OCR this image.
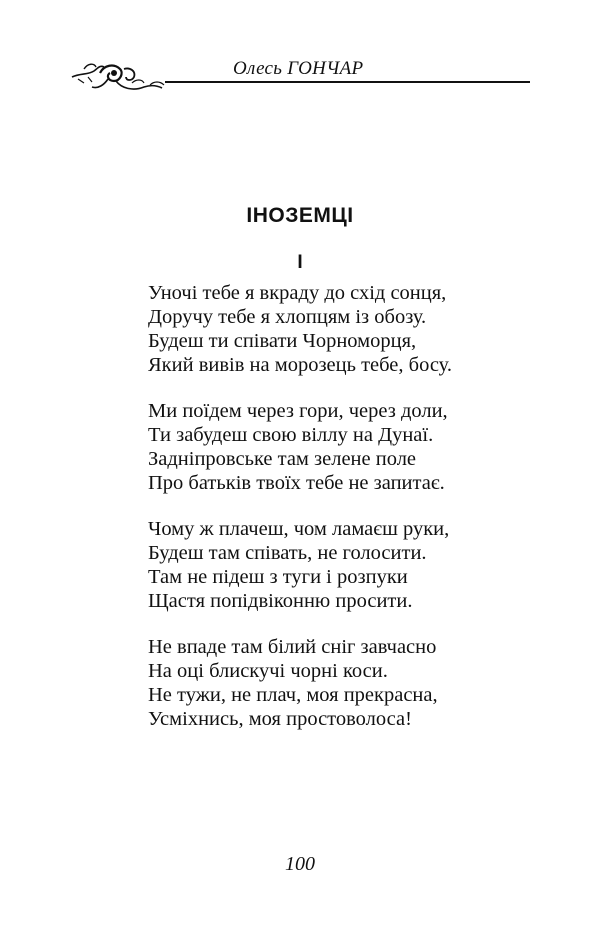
Олесь ГОНЧАР
ІНОЗЕМЦІ
І
Уночі тебе я вкраду до схід сонця,
Доручу тебе я хлопцям із обозу.
Будеш ти співати Чорноморця,
Який вивів на морозець тебе, босу.
Ми поїдем через гори, через доли,
Ти забудеш свою віллу на Дунаї.
Задніпровське там зелене поле
Про батьків твоїх тебе не запитає.
Чому ж плачеш, чом ламаєш руки,
Будеш там співать, не голосити.
Там не підеш з туги і розпуки
Щастя попідвіконню просити.
Не впаде там білий сніг завчасно
На оці блискучі чорні коси.
Не тужи, не плач, моя прекрасна,
Усміхнись, моя простоволоса!
100
